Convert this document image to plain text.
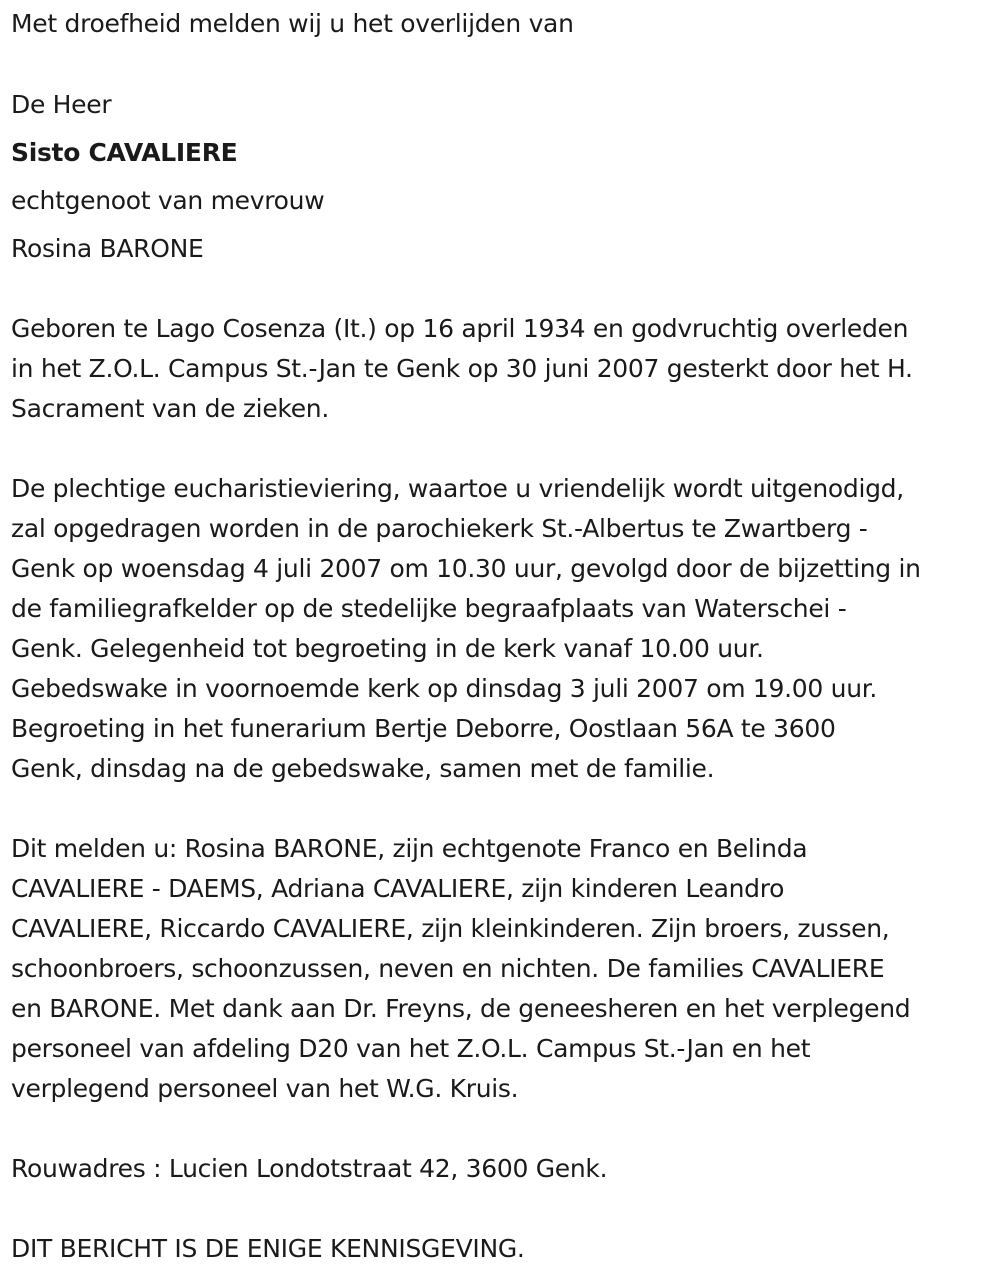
Met droefheid melden wij u het overlijden van

De Heer

Sisto CAVALIERE

echtgenoot van mevrouw

Rosina BARONE

Geboren te Lago Cosenza (It.) op 16 april 1934 en godvruchtig overleden

in het Z.O.L. Campus St.-Jan te Genk op 30 juni 2007 gesterkt door het H.

Sacrament van de zieken.

De plechtige eucharistieviering, waartoe u vriendelijk wordt uitgenodigd,

zal opgedragen worden in de parochiekerk St.-Albertus te Zwartberg -

Genk op woensdag 4 juli 2007 om 10.30 uur, gevolgd door de bijzetting in

de familiegrafkelder op de stedelijke begraafplaats van Waterschei -

Genk. Gelegenheid tot begroeting in de kerk vanaf 10.00 uur.

Gebedswake in voornoemde kerk op dinsdag 3 juli 2007 om 19.00 uur.

Begroeting in het funerarium Bertje Deborre, Oostlaan 56A te 3600

Genk, dinsdag na de gebedswake, samen met de familie.

Dit melden u: Rosina BARONE, zijn echtgenote Franco en Belinda

CAVALIERE - DAEMS, Adriana CAVALIERE, zijn kinderen Leandro

CAVALIERE, Riccardo CAVALIERE, zijn kleinkinderen. Zijn broers, zussen,

schoonbroers, schoonzussen, neven en nichten. De families CAVALIERE

en BARONE. Met dank aan Dr. Freyns, de geneesheren en het verplegend

personeel van afdeling D20 van het Z.O.L. Campus St.-Jan en het

verplegend personeel van het W.G. Kruis.

Rouwadres : Lucien Londotstraat 42, 3600 Genk.

DIT BERICHT IS DE ENIGE KENNISGEVING.
